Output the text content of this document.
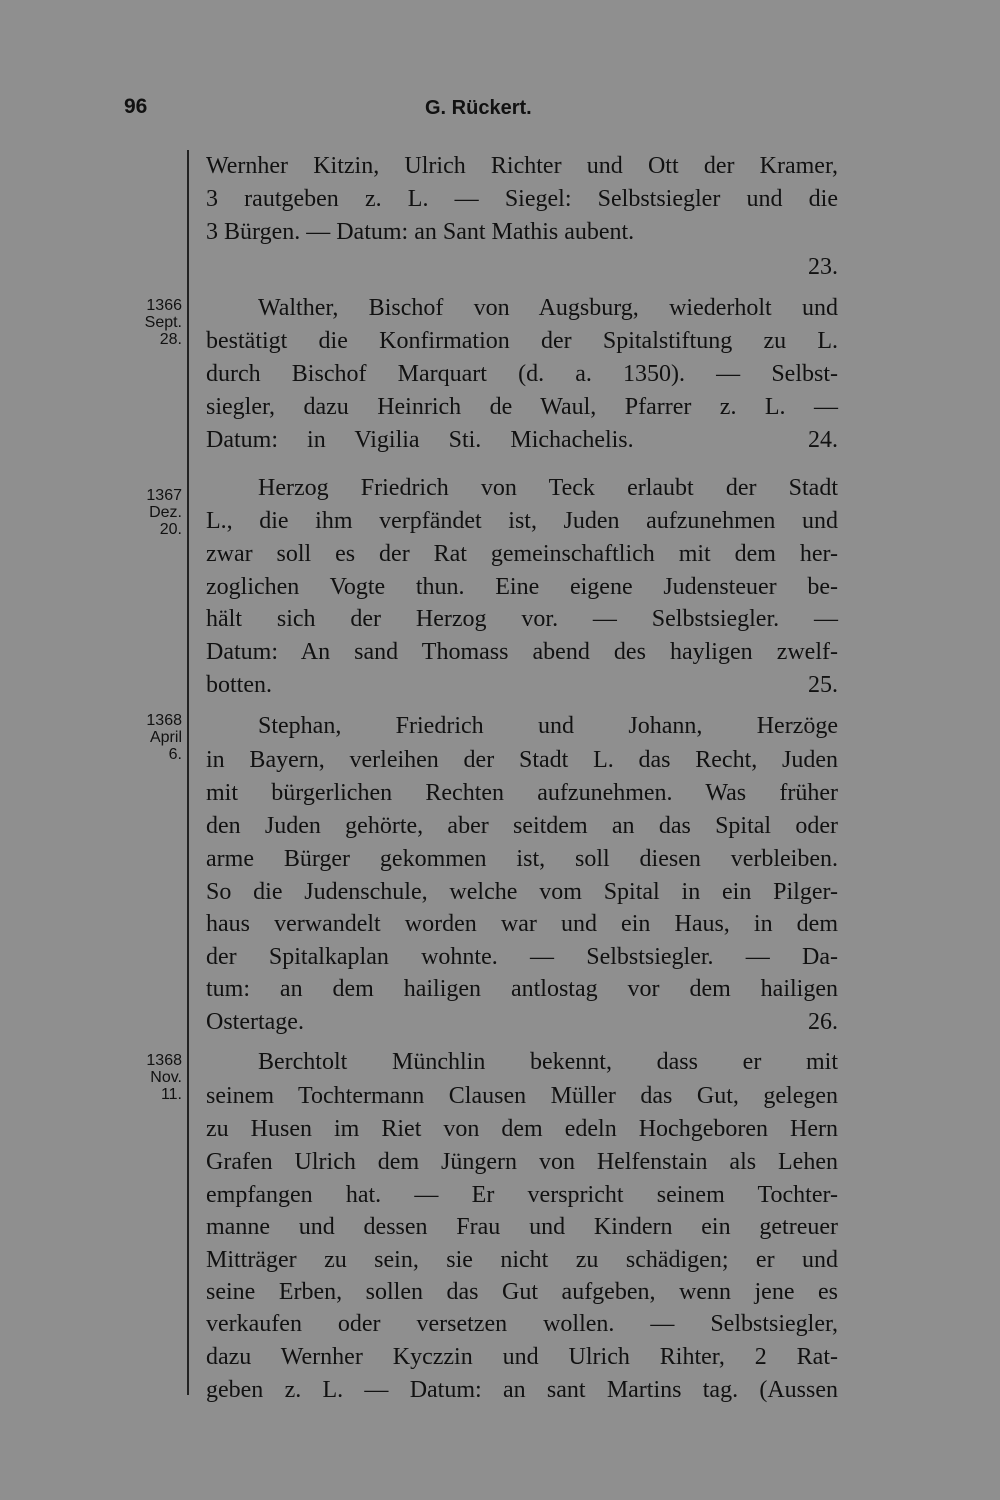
96	G. Rückert.
1366
Sept.
28.
1367
Dez.
20.
1368
April
6.
1368
Nov.
11.
Wernher Kitzin, Ulrich Richter und Ott der Kramer,
3 rautgeben z. L. — Siegel: Selbstsiegler und die
3 Bürgen. — Datum: an Sant Mathis aubent.
23.
Walther, Bischof von Augsburg, wiederholt und
bestätigt die Konfirmation der Spitalstiftung zu L.
durch Bischof Marquart (d. a. 1350). — Selbst-
siegler, dazu Heinrich de Waul, Pfarrer z. L. —
Datum: in Vigilia Sti. Michachelis.      24.
Herzog Friedrich von Teck erlaubt der Stadt
L., die ihm verpfändet ist, Juden aufzunehmen und
zwar soll es der Rat gemeinschaftlich mit dem her-
zoglichen Vogte thun. Eine eigene Judensteuer be-
hält sich der Herzog vor. — Selbstsiegler. —
Datum: An sand Thomass abend des hayligen zwelf-
botten.                                                    25.
Stephan, Friedrich und Johann, Herzöge
in Bayern, verleihen der Stadt L. das Recht, Juden
mit bürgerlichen Rechten aufzunehmen. Was früher
den Juden gehörte, aber seitdem an das Spital oder
arme Bürger gekommen ist, soll diesen verbleiben.
So die Judenschule, welche vom Spital in ein Pilger-
haus verwandelt worden war und ein Haus, in dem
der Spitalkaplan wohnte. — Selbstsiegler. — Da-
tum: an dem hailigen antlostag vor dem hailigen
Ostertage.                                                    26.
Berchtolt Münchlin bekennt, dass er mit
seinem Tochtermann Clausen Müller das Gut, gelegen
zu Husen im Riet von dem edeln Hochgeboren Hern
Grafen Ulrich dem Jüngern von Helfenstain als Lehen
empfangen hat. — Er verspricht seinem Tochter-
manne und dessen Frau und Kindern ein getreuer
Mitträger zu sein, sie nicht zu schädigen; er und
seine Erben, sollen das Gut aufgeben, wenn jene es
verkaufen oder versetzen wollen. — Selbstsiegler,
dazu Wernher Kyczzin und Ulrich Rihter, 2 Rat-
geben z. L. — Datum: an sant Martins tag. (Aussen
